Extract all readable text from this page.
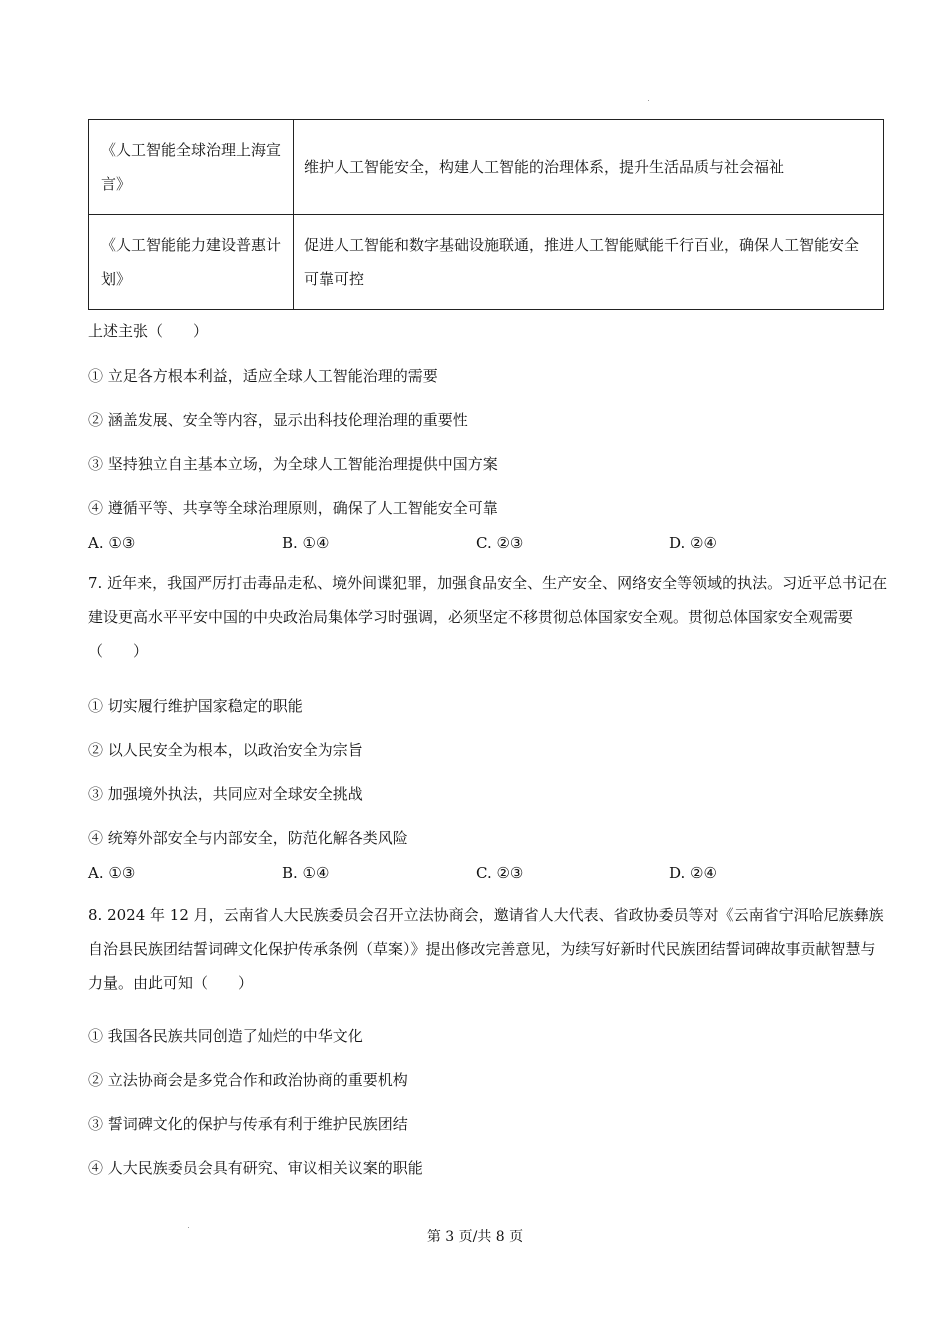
《人工智能全球治理上海宣言》	维护人工智能安全，构建人工智能的治理体系，提升生活品质与社会福祉
《人工智能能力建设普惠计划》	促进人工智能和数字基础设施联通，推进人工智能赋能千行百业，确保人工智能安全可靠可控
上述主张（　　）
① 立足各方根本利益，适应全球人工智能治理的需要
② 涵盖发展、安全等内容，显示出科技伦理治理的重要性
③ 坚持独立自主基本立场，为全球人工智能治理提供中国方案
④ 遵循平等、共享等全球治理原则，确保了人工智能安全可靠
A. ①③	B. ①④	C. ②③	D. ②④
7. 近年来，我国严厉打击毒品走私、境外间谍犯罪，加强食品安全、生产安全、网络安全等领域的执法。习近平总书记在建设更高水平平安中国的中央政治局集体学习时强调，必须坚定不移贯彻总体国家安全观。贯彻总体国家安全观需要（　　）
① 切实履行维护国家稳定的职能
② 以人民安全为根本，以政治安全为宗旨
③ 加强境外执法，共同应对全球安全挑战
④ 统筹外部安全与内部安全，防范化解各类风险
A. ①③	B. ①④	C. ②③	D. ②④
8. 2024 年 12 月，云南省人大民族委员会召开立法协商会，邀请省人大代表、省政协委员等对《云南省宁洱哈尼族彝族自治县民族团结誓词碑文化保护传承条例（草案）》提出修改完善意见，为续写好新时代民族团结誓词碑故事贡献智慧与力量。由此可知（　　）
① 我国各民族共同创造了灿烂的中华文化
② 立法协商会是多党合作和政治协商的重要机构
③ 誓词碑文化的保护与传承有利于维护民族团结
④ 人大民族委员会具有研究、审议相关议案的职能
第 3 页/共 8 页
